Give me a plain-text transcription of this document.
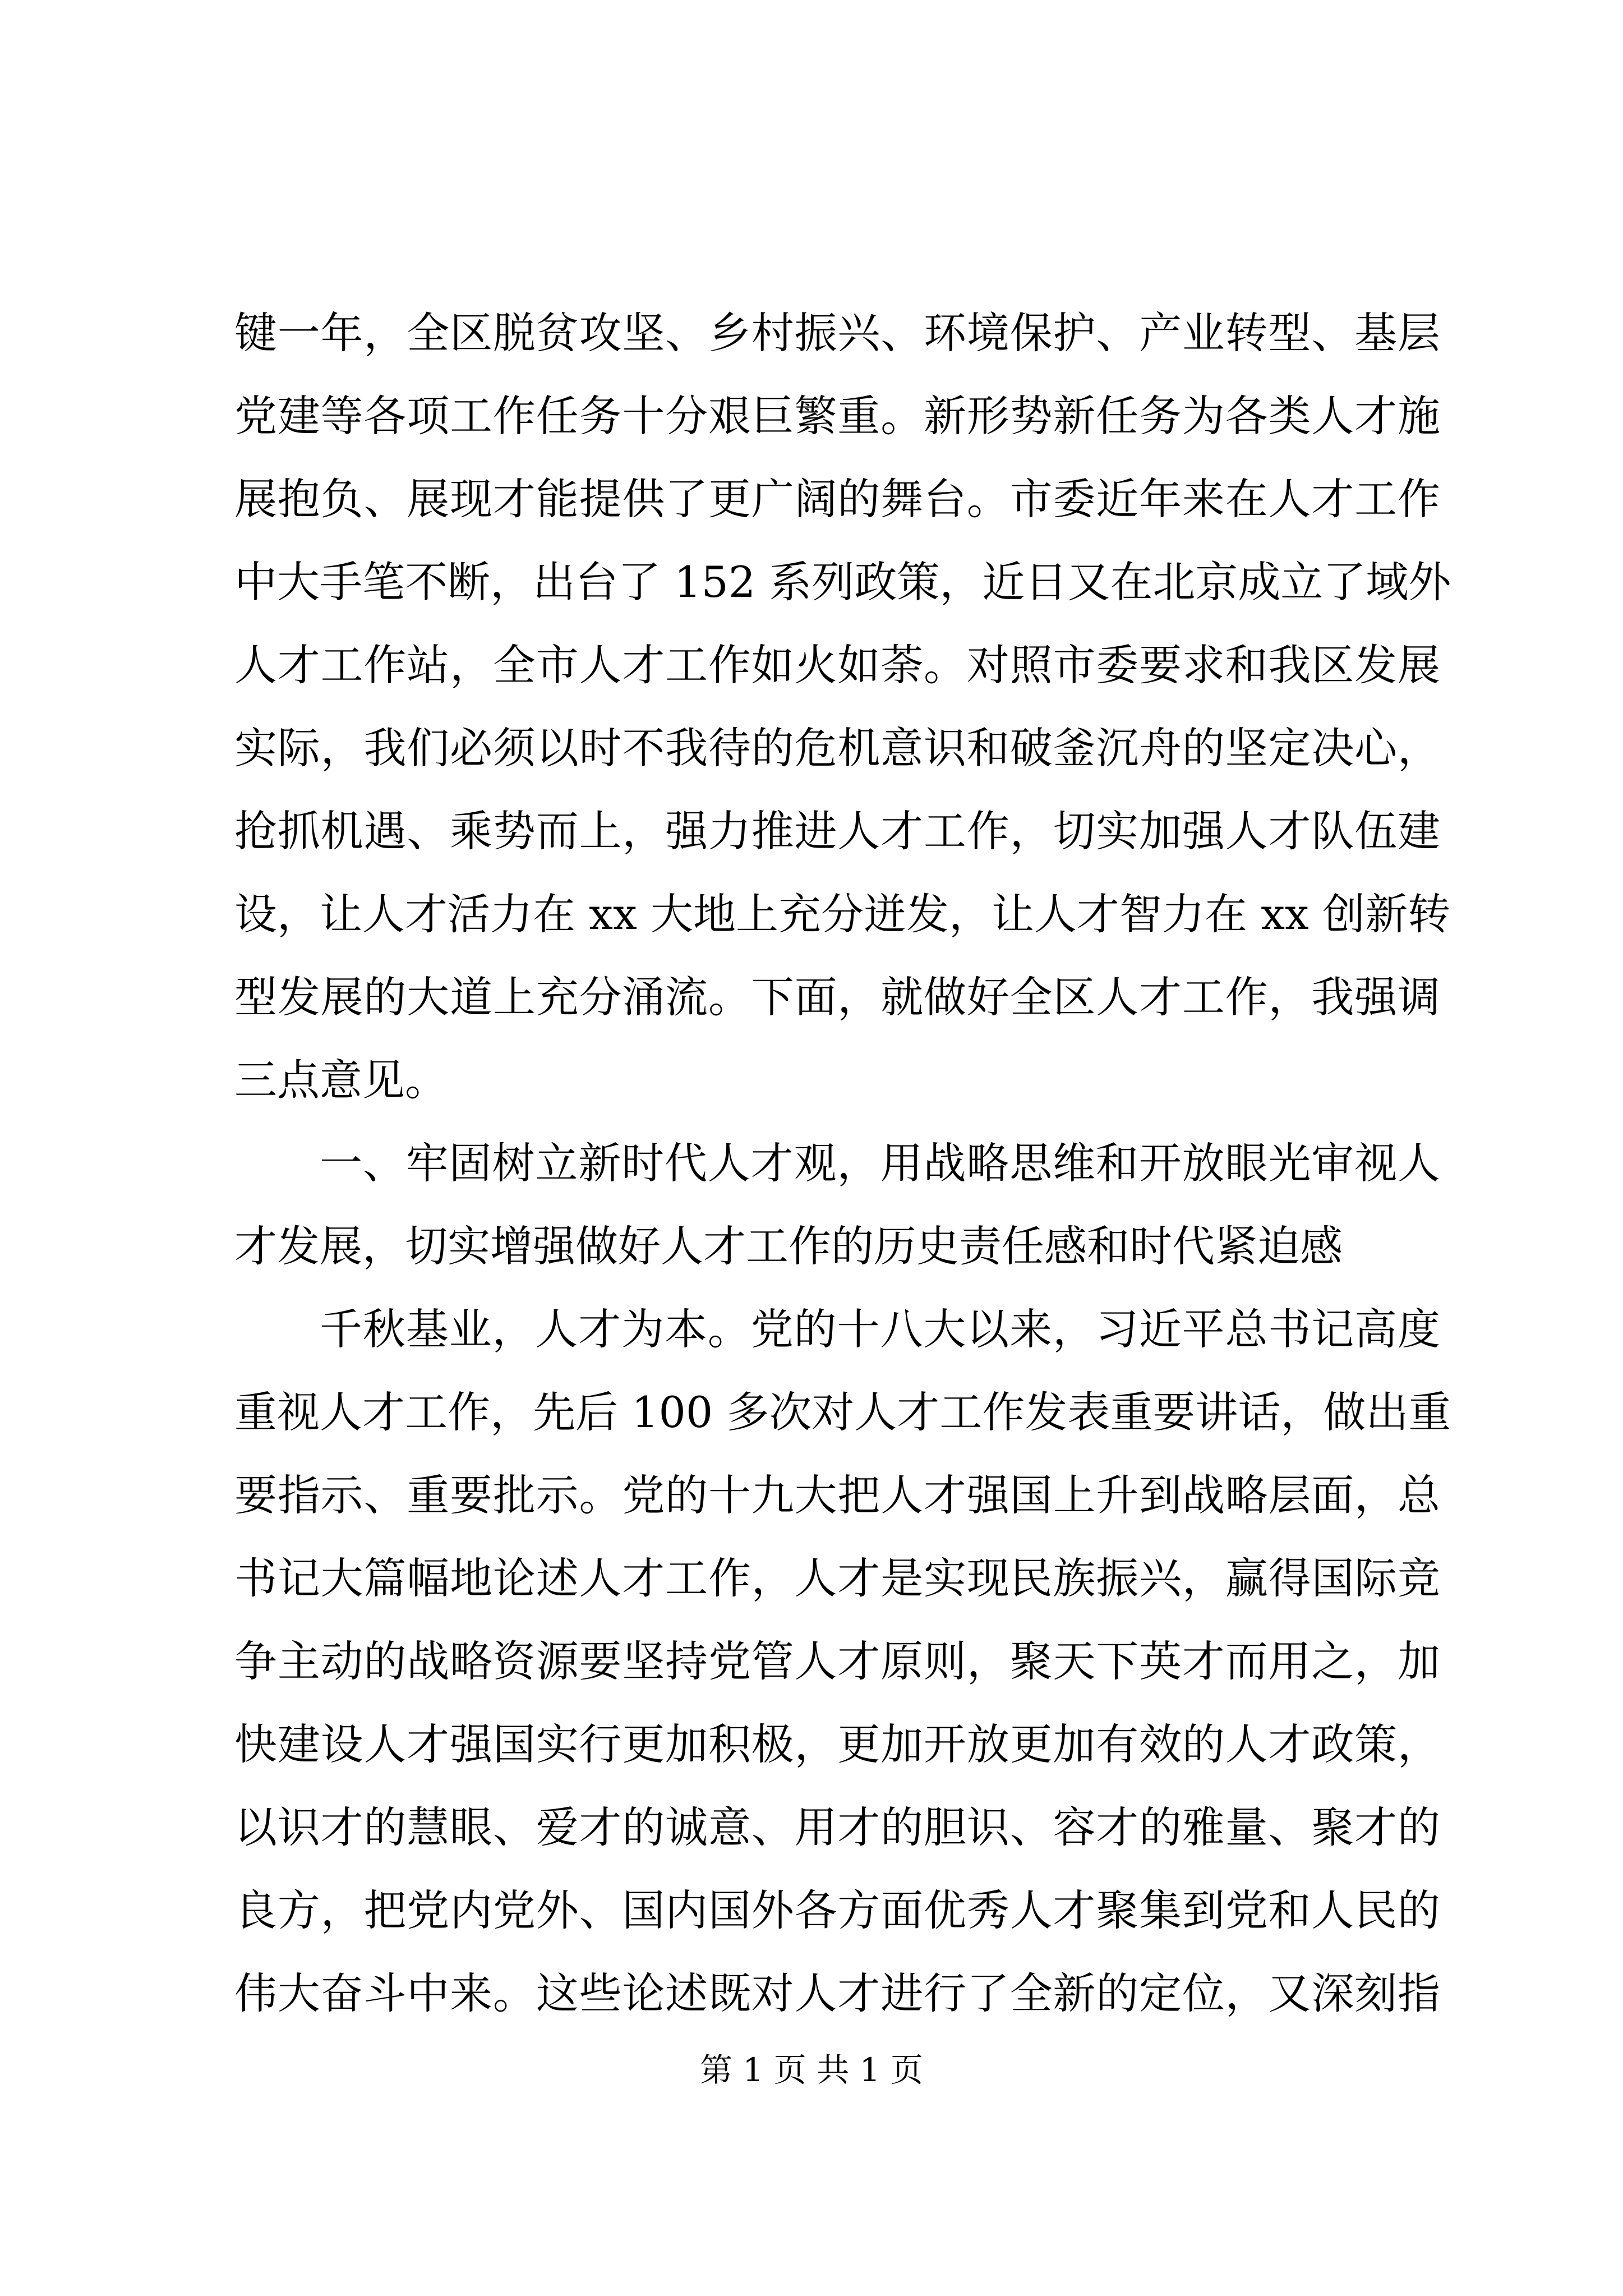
键一年，全区脱贫攻坚、乡村振兴、环境保护、产业转型、基层
党建等各项工作任务十分艰巨繁重。新形势新任务为各类人才施
展抱负、展现才能提供了更广阔的舞台。市委近年来在人才工作
中大手笔不断，出台了 152 系列政策，近日又在北京成立了域外
人才工作站，全市人才工作如火如荼。对照市委要求和我区发展
实际，我们必须以时不我待的危机意识和破釜沉舟的坚定决心，
抢抓机遇、乘势而上，强力推进人才工作，切实加强人才队伍建
设，让人才活力在 xx 大地上充分迸发，让人才智力在 xx 创新转
型发展的大道上充分涌流。下面，就做好全区人才工作，我强调
三点意见。
一、牢固树立新时代人才观，用战略思维和开放眼光审视人
才发展，切实增强做好人才工作的历史责任感和时代紧迫感
千秋基业，人才为本。党的十八大以来，习近平总书记高度
重视人才工作，先后 100 多次对人才工作发表重要讲话，做出重
要指示、重要批示。党的十九大把人才强国上升到战略层面，总
书记大篇幅地论述人才工作，人才是实现民族振兴，赢得国际竞
争主动的战略资源要坚持党管人才原则，聚天下英才而用之，加
快建设人才强国实行更加积极，更加开放更加有效的人才政策，
以识才的慧眼、爱才的诚意、用才的胆识、容才的雅量、聚才的
良方，把党内党外、国内国外各方面优秀人才聚集到党和人民的
伟大奋斗中来。这些论述既对人才进行了全新的定位，又深刻指
第 1 页 共 1 页
